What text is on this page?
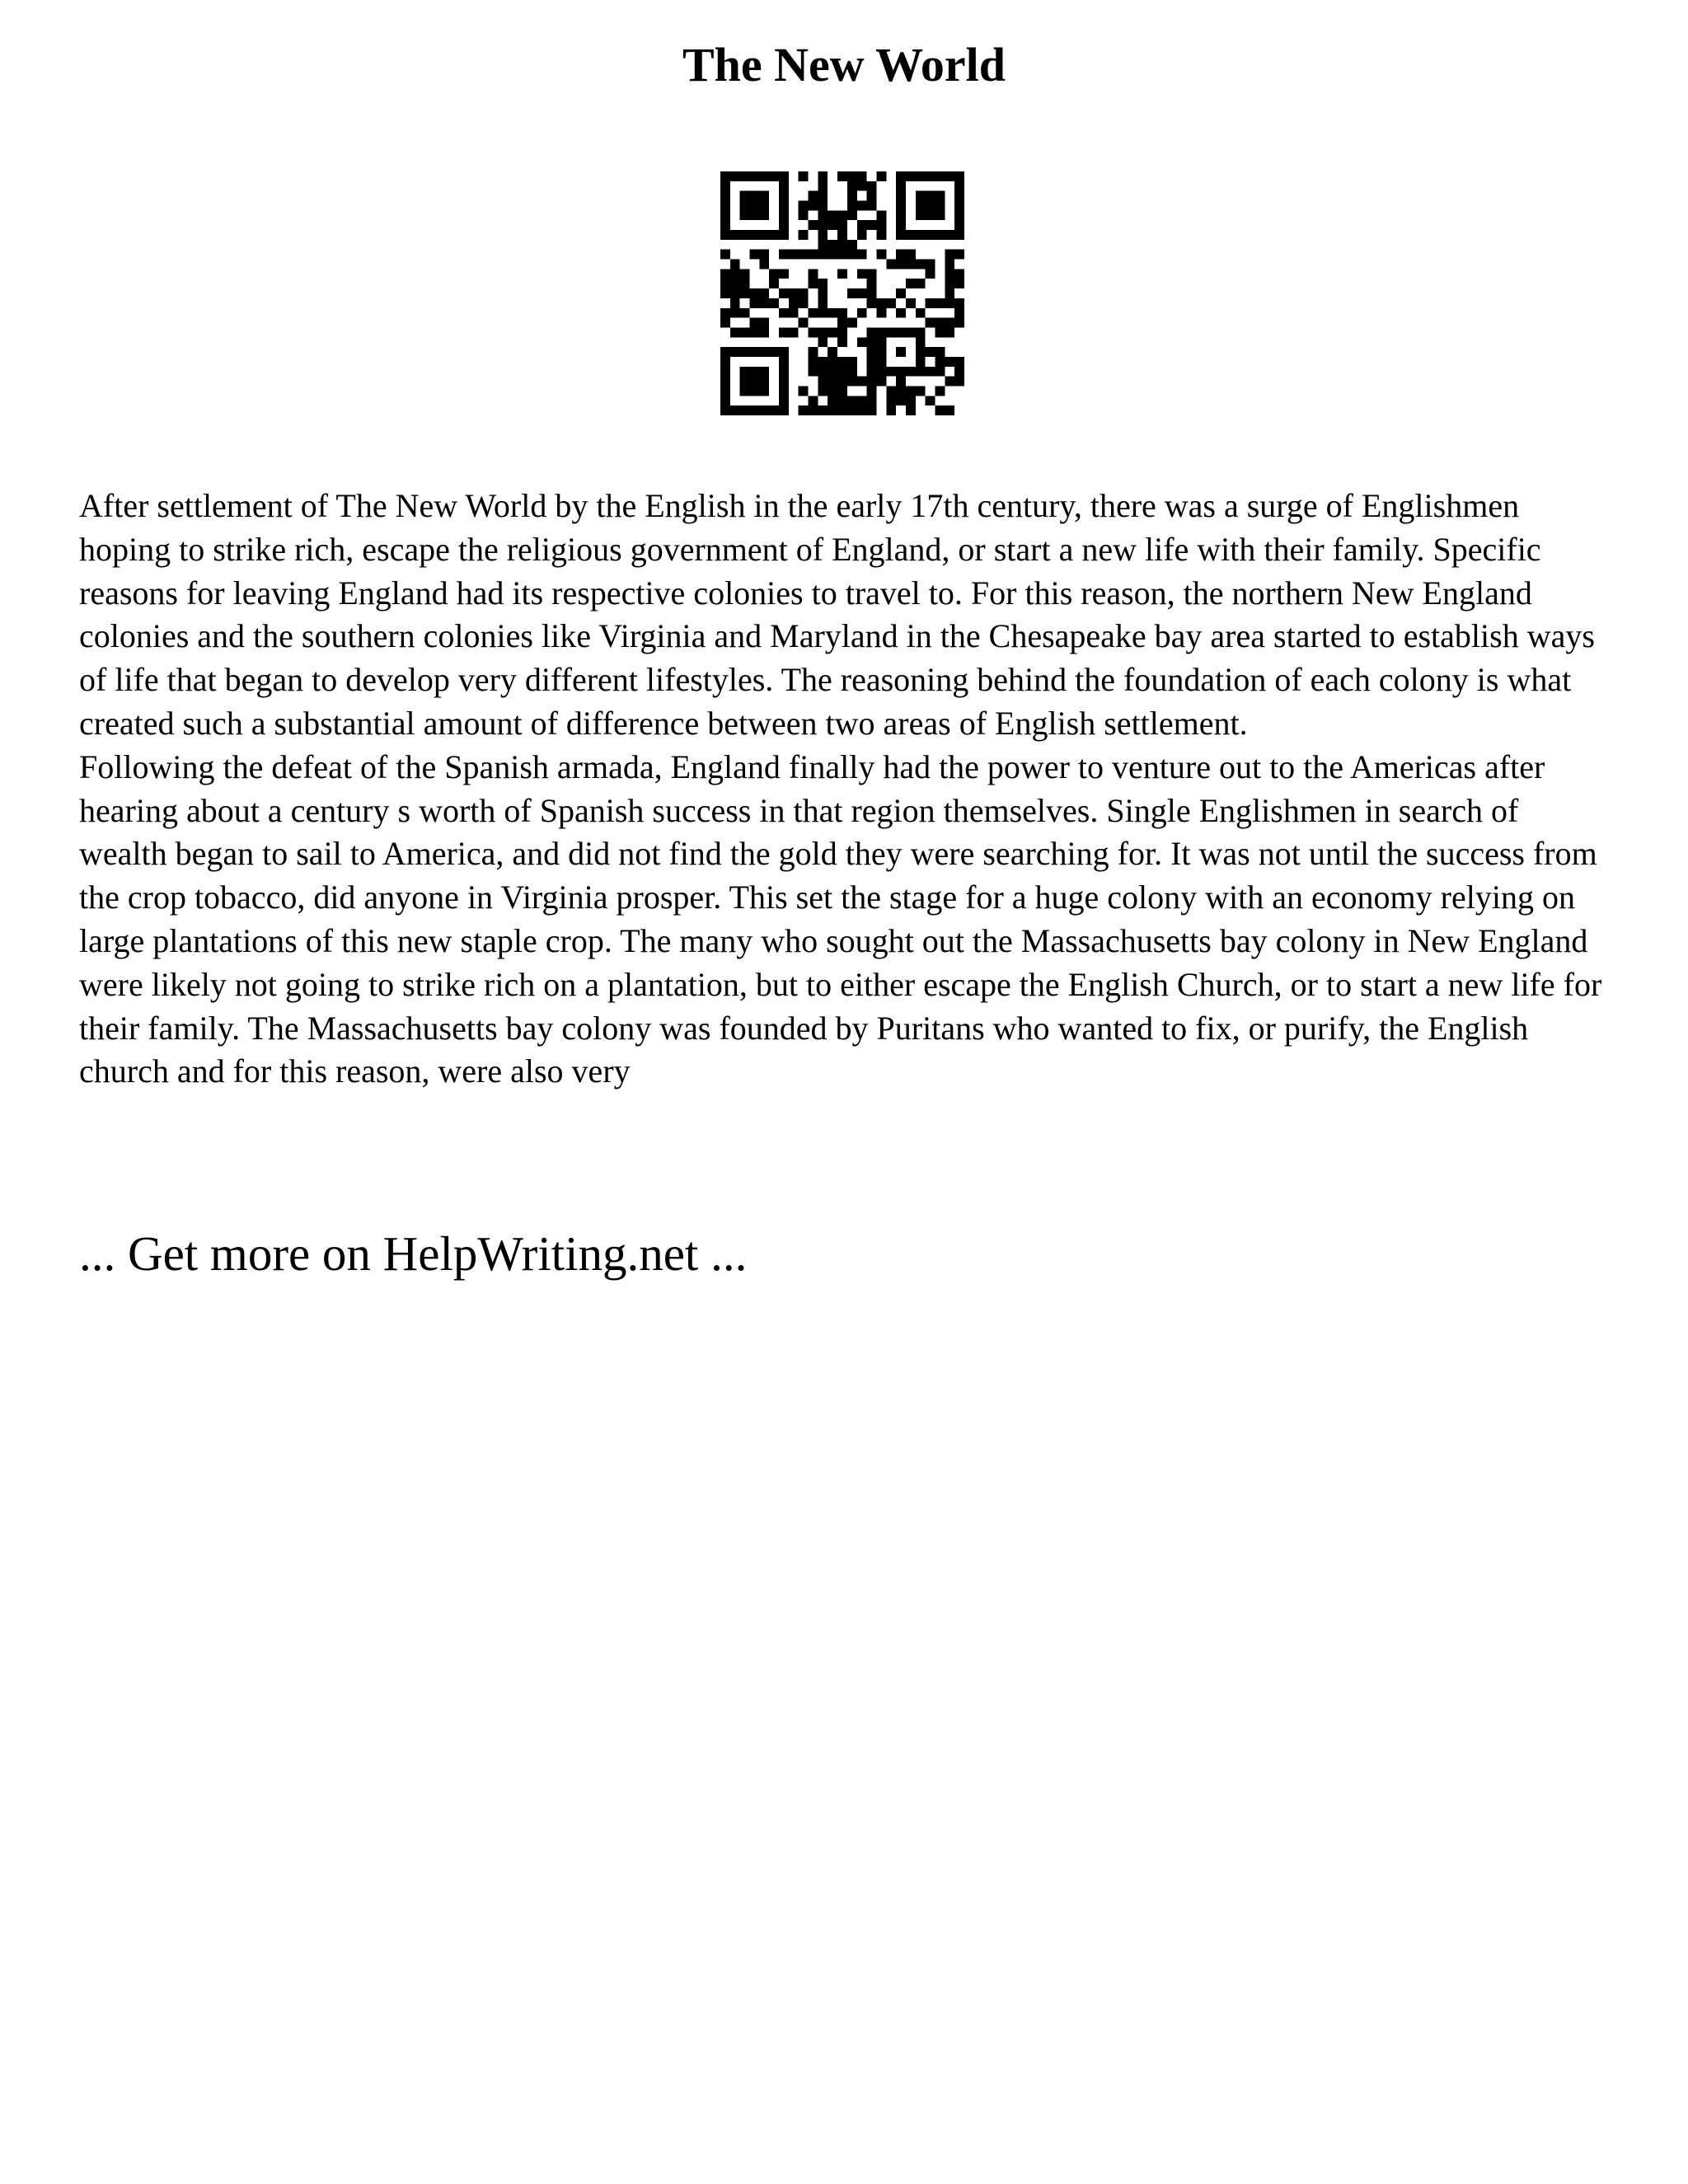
The New World

After settlement of The New World by the English in the early 17th century, there was a surge of Englishmen hoping to strike rich, escape the religious government of England, or start a new life with their family. Specific reasons for leaving England had its respective colonies to travel to. For this reason, the northern New England colonies and the southern colonies like Virginia and Maryland in the Chesapeake bay area started to establish ways of life that began to develop very different lifestyles. The reasoning behind the foundation of each colony is what created such a substantial amount of difference between two areas of English settlement.

Following the defeat of the Spanish armada, England finally had the power to venture out to the Americas after hearing about a century s worth of Spanish success in that region themselves. Single Englishmen in search of wealth began to sail to America, and did not find the gold they were searching for. It was not until the success from the crop tobacco, did anyone in Virginia prosper. This set the stage for a huge colony with an economy relying on large plantations of this new staple crop. The many who sought out the Massachusetts bay colony in New England were likely not going to strike rich on a plantation, but to either escape the English Church, or to start a new life for their family. The Massachusetts bay colony was founded by Puritans who wanted to fix, or purify, the English church and for this reason, were also very

... Get more on HelpWriting.net ...
